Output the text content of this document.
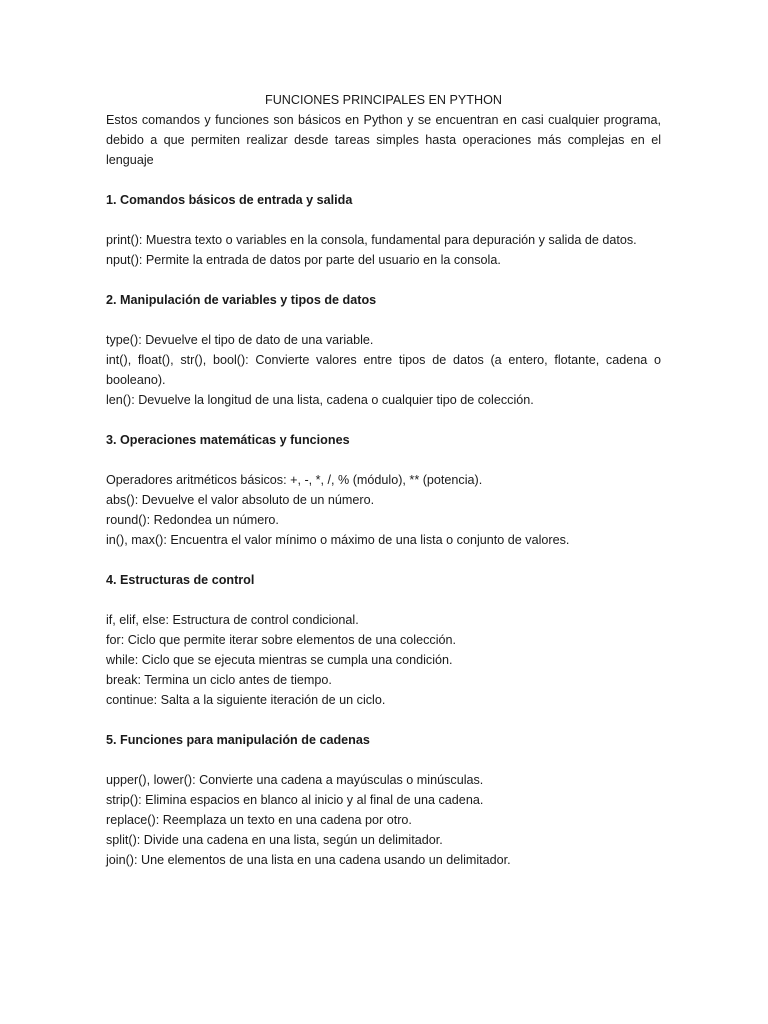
FUNCIONES PRINCIPALES EN PYTHON

Estos comandos y funciones son básicos en Python y se encuentran en casi cualquier programa,
debido a que permiten realizar desde tareas simples hasta operaciones más complejas en el lenguaje

1. Comandos básicos de entrada y salida

print(): Muestra texto o variables en la consola, fundamental para depuración y salida de datos.
nput(): Permite la entrada de datos por parte del usuario en la consola.

2. Manipulación de variables y tipos de datos

type(): Devuelve el tipo de dato de una variable.
int(), float(), str(), bool(): Convierte valores entre tipos de datos (a entero, flotante, cadena o
booleano).
len(): Devuelve la longitud de una lista, cadena o cualquier tipo de colección.

3. Operaciones matemáticas y funciones

Operadores aritméticos básicos: +, -, *, /, % (módulo), ** (potencia).
abs(): Devuelve el valor absoluto de un número.
round(): Redondea un número.
in(), max(): Encuentra el valor mínimo o máximo de una lista o conjunto de valores.

4. Estructuras de control

if, elif, else: Estructura de control condicional.
for: Ciclo que permite iterar sobre elementos de una colección.
while: Ciclo que se ejecuta mientras se cumpla una condición.
break: Termina un ciclo antes de tiempo.
continue: Salta a la siguiente iteración de un ciclo.

5. Funciones para manipulación de cadenas

upper(), lower(): Convierte una cadena a mayúsculas o minúsculas.
strip(): Elimina espacios en blanco al inicio y al final de una cadena.
replace(): Reemplaza un texto en una cadena por otro.
split(): Divide una cadena en una lista, según un delimitador.
join(): Une elementos de una lista en una cadena usando un delimitador.
